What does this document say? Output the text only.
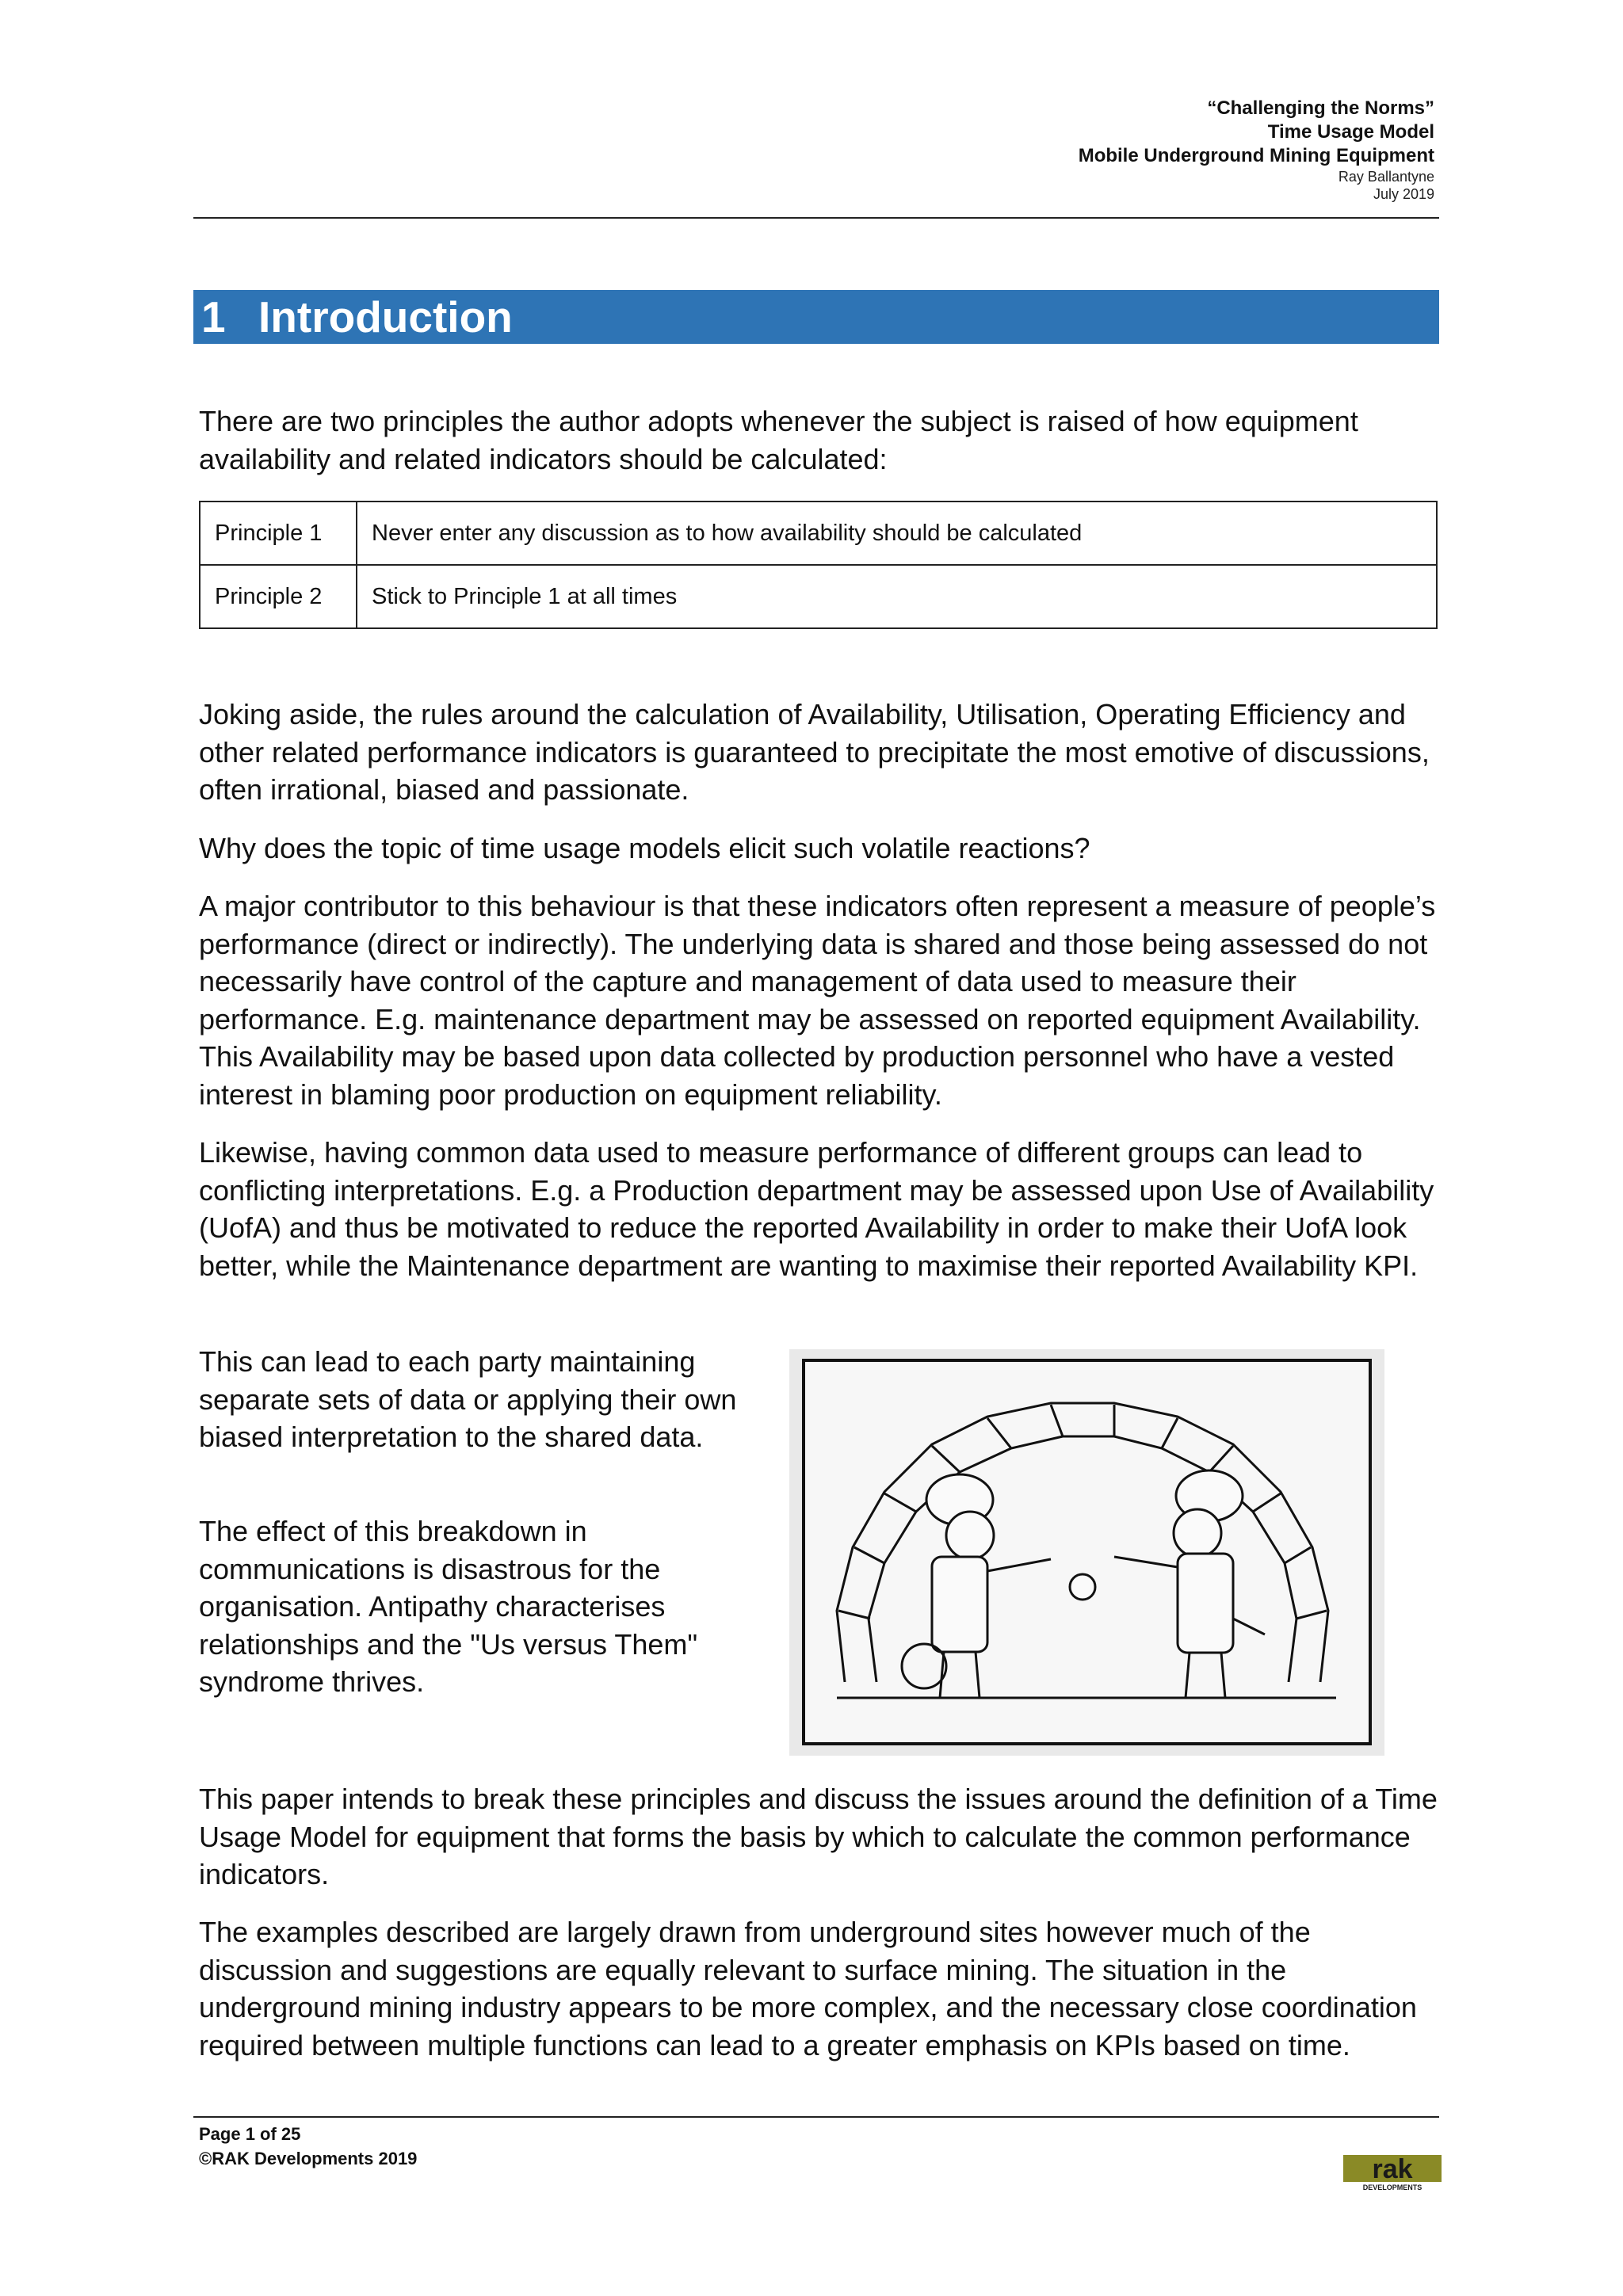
“Challenging the Norms”
Time Usage Model
Mobile Underground Mining Equipment
Ray Ballantyne
July 2019
1 Introduction

There are two principles the author adopts whenever the subject is raised of how equipment availability and related indicators should be calculated:

Principle 1	Never enter any discussion as to how availability should be calculated
Principle 2	Stick to Principle 1 at all times

Joking aside, the rules around the calculation of Availability, Utilisation, Operating Efficiency and other related performance indicators is guaranteed to precipitate the most emotive of discussions, often irrational, biased and passionate.

Why does the topic of time usage models elicit such volatile reactions?

A major contributor to this behaviour is that these indicators often represent a measure of people’s performance (direct or indirectly). The underlying data is shared and those being assessed do not necessarily have control of the capture and management of data used to measure their performance. E.g. maintenance department may be assessed on reported equipment Availability. This Availability may be based upon data collected by production personnel who have a vested interest in blaming poor production on equipment reliability.

Likewise, having common data used to measure performance of different groups can lead to conflicting interpretations. E.g. a Production department may be assessed upon Use of Availability (UofA) and thus be motivated to reduce the reported Availability in order to make their UofA look better, while the Maintenance department are wanting to maximise their reported Availability KPI.

This can lead to each party maintaining separate sets of data or applying their own biased interpretation to the shared data.

The effect of this breakdown in communications is disastrous for the organisation. Antipathy characterises relationships and the "Us versus Them" syndrome thrives.

This paper intends to break these principles and discuss the issues around the definition of a Time Usage Model for equipment that forms the basis by which to calculate the common performance indicators.

The examples described are largely drawn from underground sites however much of the discussion and suggestions are equally relevant to surface mining. The situation in the underground mining industry appears to be more complex, and the necessary close coordination required between multiple functions can lead to a greater emphasis on KPIs based on time.

Page 1 of 25
©RAK Developments 2019	rak
DEVELOPMENTS
